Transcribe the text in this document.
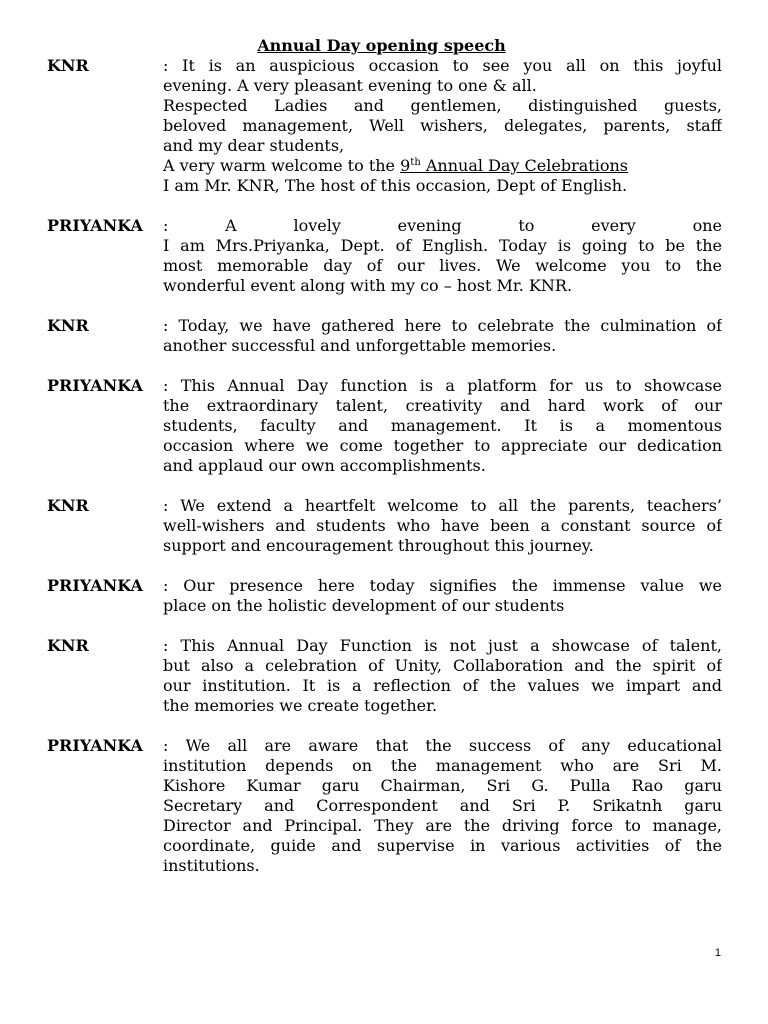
Annual Day opening speech
KNR	: It is an auspicious occasion to see you all on this joyful
evening. A very pleasant evening to one & all.
Respected Ladies and gentlemen, distinguished guests,
beloved management, Well wishers, delegates, parents, staff
and my dear students,
A very warm welcome to the 9th Annual Day Celebrations
I am Mr. KNR, The host of this occasion, Dept of English.
PRIYANKA	: A lovely evening to every one
I am Mrs.Priyanka, Dept. of English. Today is going to be the
most memorable day of our lives. We welcome you to the
wonderful event along with my co – host Mr. KNR.
KNR	: Today, we have gathered here to celebrate the culmination of
another successful and unforgettable memories.
PRIYANKA	: This Annual Day function is a platform for us to showcase
the extraordinary talent, creativity and hard work of our
students, faculty and management. It is a momentous
occasion where we come together to appreciate our dedication
and applaud our own accomplishments.
KNR	: We extend a heartfelt welcome to all the parents, teachers’
well-wishers and students who have been a constant source of
support and encouragement throughout this journey.
PRIYANKA	: Our presence here today signifies the immense value we
place on the holistic development of our students
KNR	: This Annual Day Function is not just a showcase of talent,
but also a celebration of Unity, Collaboration and the spirit of
our institution. It is a reflection of the values we impart and
the memories we create together.
PRIYANKA	: We all are aware that the success of any educational
institution depends on the management who are Sri M.
Kishore Kumar garu Chairman, Sri G. Pulla Rao garu
Secretary and Correspondent and Sri P. Srikatnh garu
Director and Principal. They are the driving force to manage,
coordinate, guide and supervise in various activities of the
institutions.
1
